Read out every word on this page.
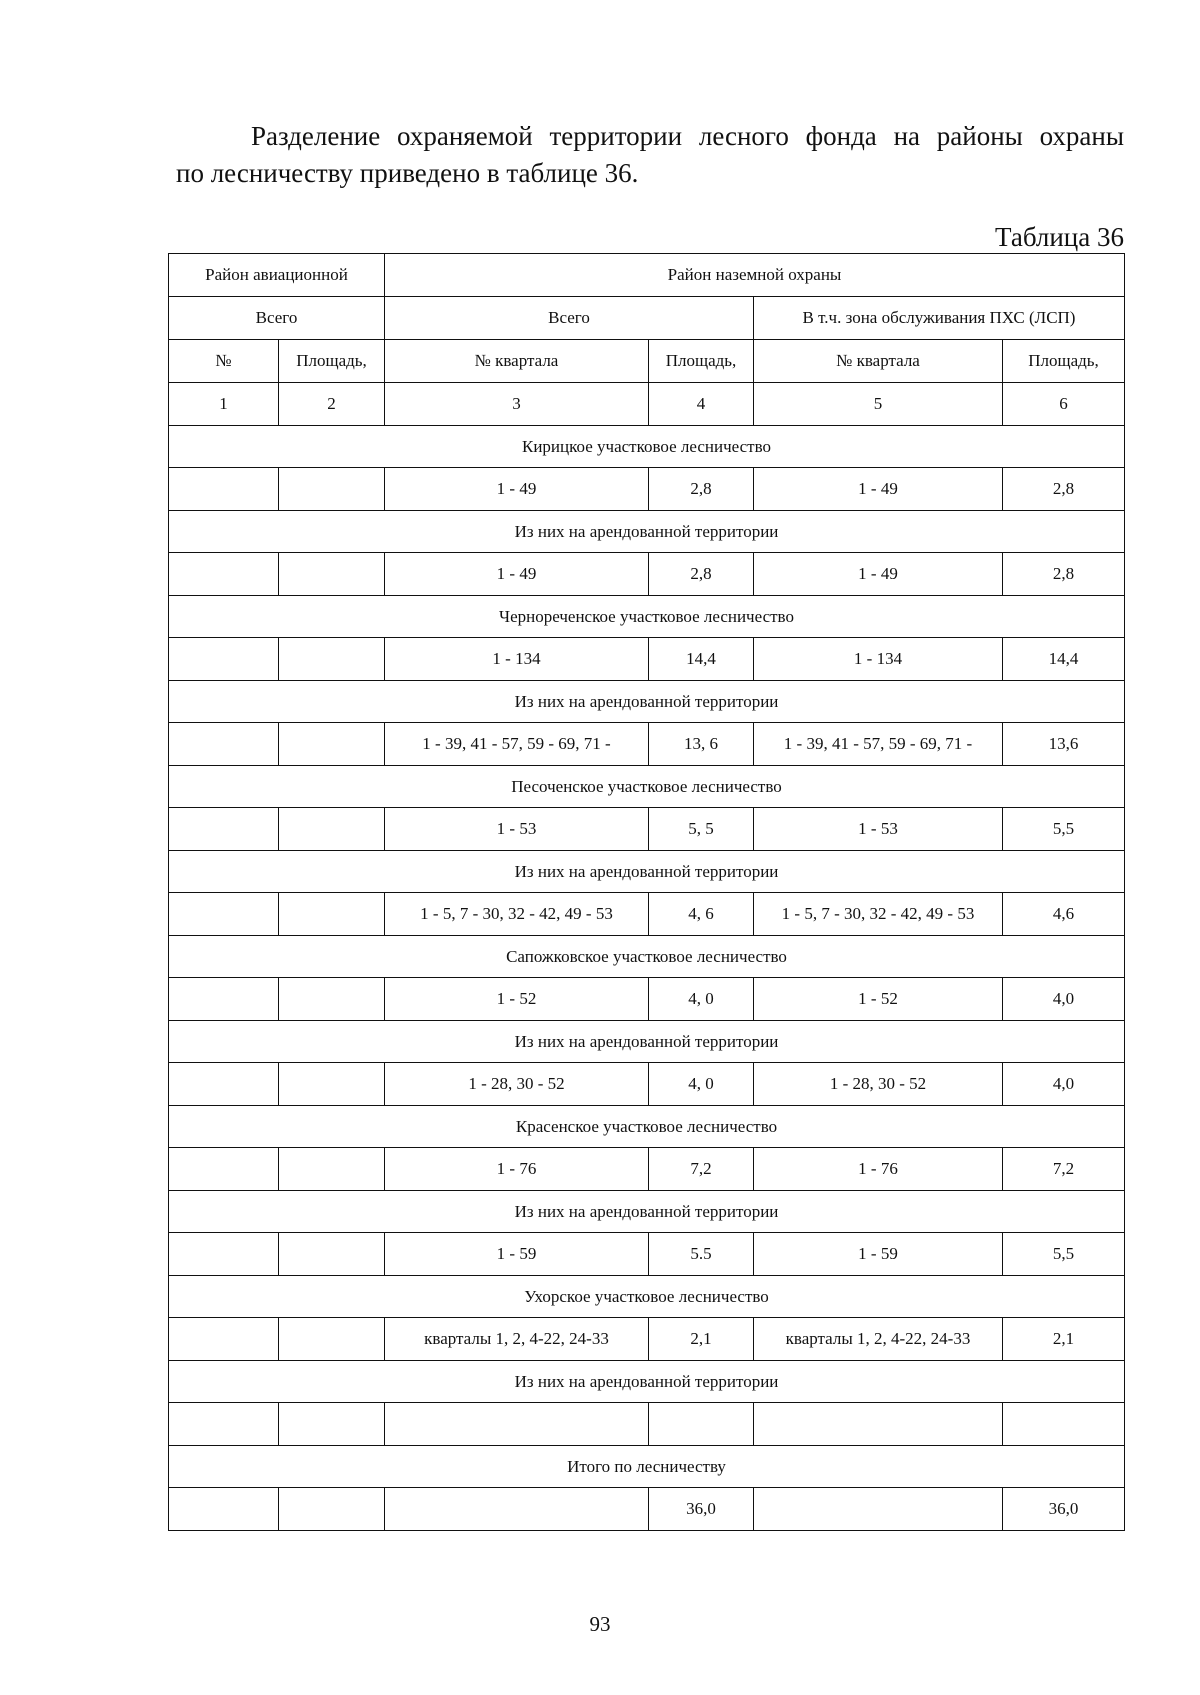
Разделение охраняемой территории лесного фонда на районы охраны
по лесничеству приведено в таблице 36.
Таблица 36
Район авиационной		Район наземной охраны			
Всего		Всего		В т.ч. зона обслуживания ПХС (ЛСП)	
№	Площадь,	№ квартала	Площадь,	№ квартала	Площадь,
1	2	3	4	5	6
Кирицкое участковое лесничество					
		1 - 49	2,8	1 - 49	2,8
Из них на арендованной территории					
		1 - 49	2,8	1 - 49	2,8
Чернореченское участковое лесничество					
		1 - 134	14,4	1 - 134	14,4
Из них на арендованной территории					
		1 - 39, 41 - 57, 59 - 69, 71 -	13, 6	1 - 39, 41 - 57, 59 - 69, 71 -	13,6
Песоченское участковое лесничество					
		1 - 53	5, 5	1 - 53	5,5
Из них на арендованной территории					
		1 - 5, 7 - 30, 32 - 42, 49 - 53	4, 6	1 - 5, 7 - 30, 32 - 42, 49 - 53	4,6
Сапожковское участковое лесничество					
		1 - 52	4, 0	1 - 52	4,0
Из них на арендованной территории					
		1 - 28, 30 - 52	4, 0	1 - 28, 30 - 52	4,0
Красенское участковое лесничество					
		1 - 76	7,2	1 - 76	7,2
Из них на арендованной территории					
		1 - 59	5.5	1 - 59	5,5
Ухорское участковое лесничество					
		кварталы 1, 2, 4-22, 24-33	2,1	кварталы 1, 2, 4-22, 24-33	2,1
Из них на арендованной территории					

Итого по лесничеству					
			36,0		36,0
93
